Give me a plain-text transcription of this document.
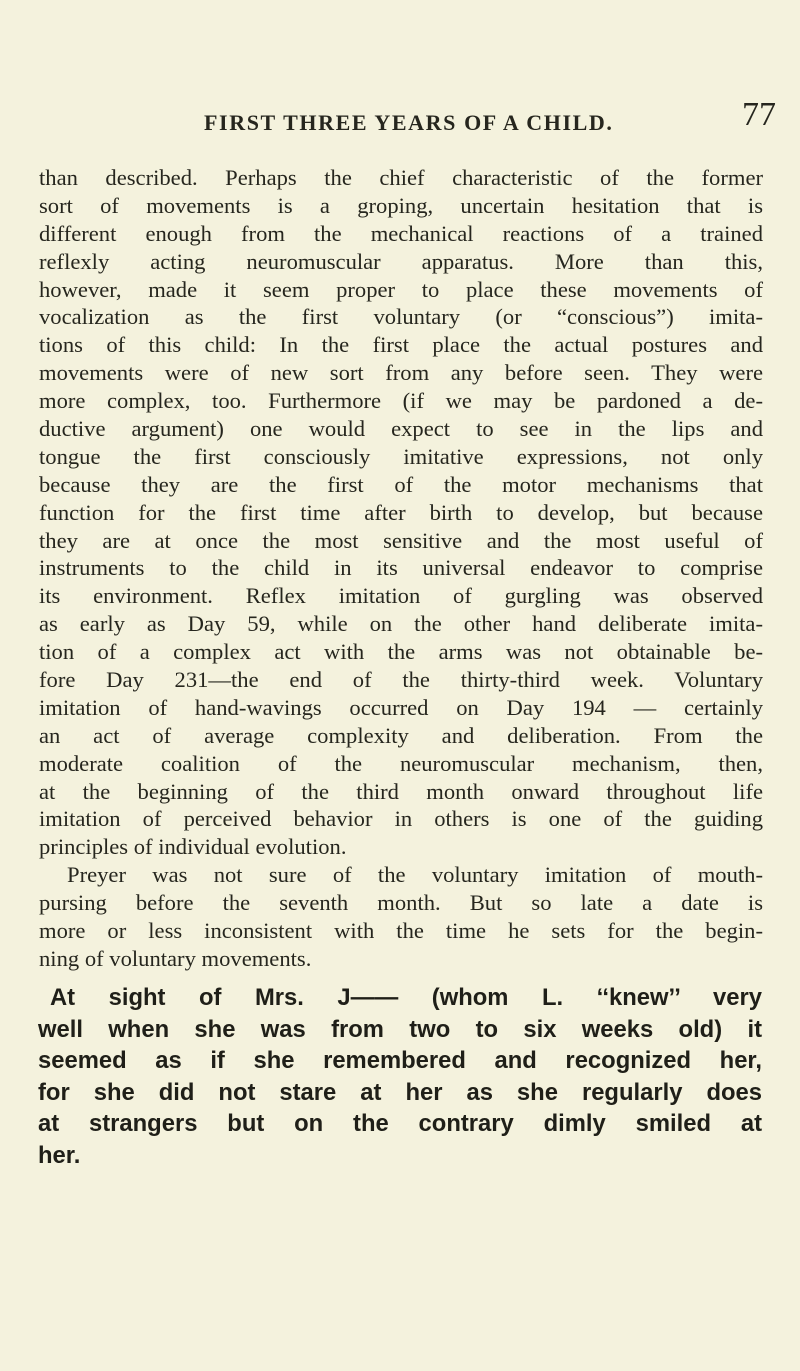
FIRST THREE YEARS OF A CHILD.	77
than described. Perhaps the chief characteristic of the former
sort of movements is a groping, uncertain hesitation that is
different enough from the mechanical reactions of a trained
reflexly acting neuromuscular apparatus. More than this,
however, made it seem proper to place these movements of
vocalization as the first voluntary (or “conscious”) imita-
tions of this child: In the first place the actual postures and
movements were of new sort from any before seen. They were
more complex, too. Furthermore (if we may be pardoned a de-
ductive argument) one would expect to see in the lips and
tongue the first consciously imitative expressions, not only
because they are the first of the motor mechanisms that
function for the first time after birth to develop, but because
they are at once the most sensitive and the most useful of
instruments to the child in its universal endeavor to comprise
its environment. Reflex imitation of gurgling was observed
as early as Day 59, while on the other hand deliberate imita-
tion of a complex act with the arms was not obtainable be-
fore Day 231—the end of the thirty-third week. Voluntary
imitation of hand-wavings occurred on Day 194 — certainly
an act of average complexity and deliberation. From the
moderate coalition of the neuromuscular mechanism, then,
at the beginning of the third month onward throughout life
imitation of perceived behavior in others is one of the guiding
principles of individual evolution.
Preyer was not sure of the voluntary imitation of mouth-
pursing before the seventh month. But so late a date is
more or less inconsistent with the time he sets for the begin-
ning of voluntary movements.
At sight of Mrs. J—— (whom L. ‘‘knew’’ very
well when she was from two to six weeks old) it
seemed as if she remembered and recognized her,
for she did not stare at her as she regularly does
at strangers but on the contrary dimly smiled at
her.
